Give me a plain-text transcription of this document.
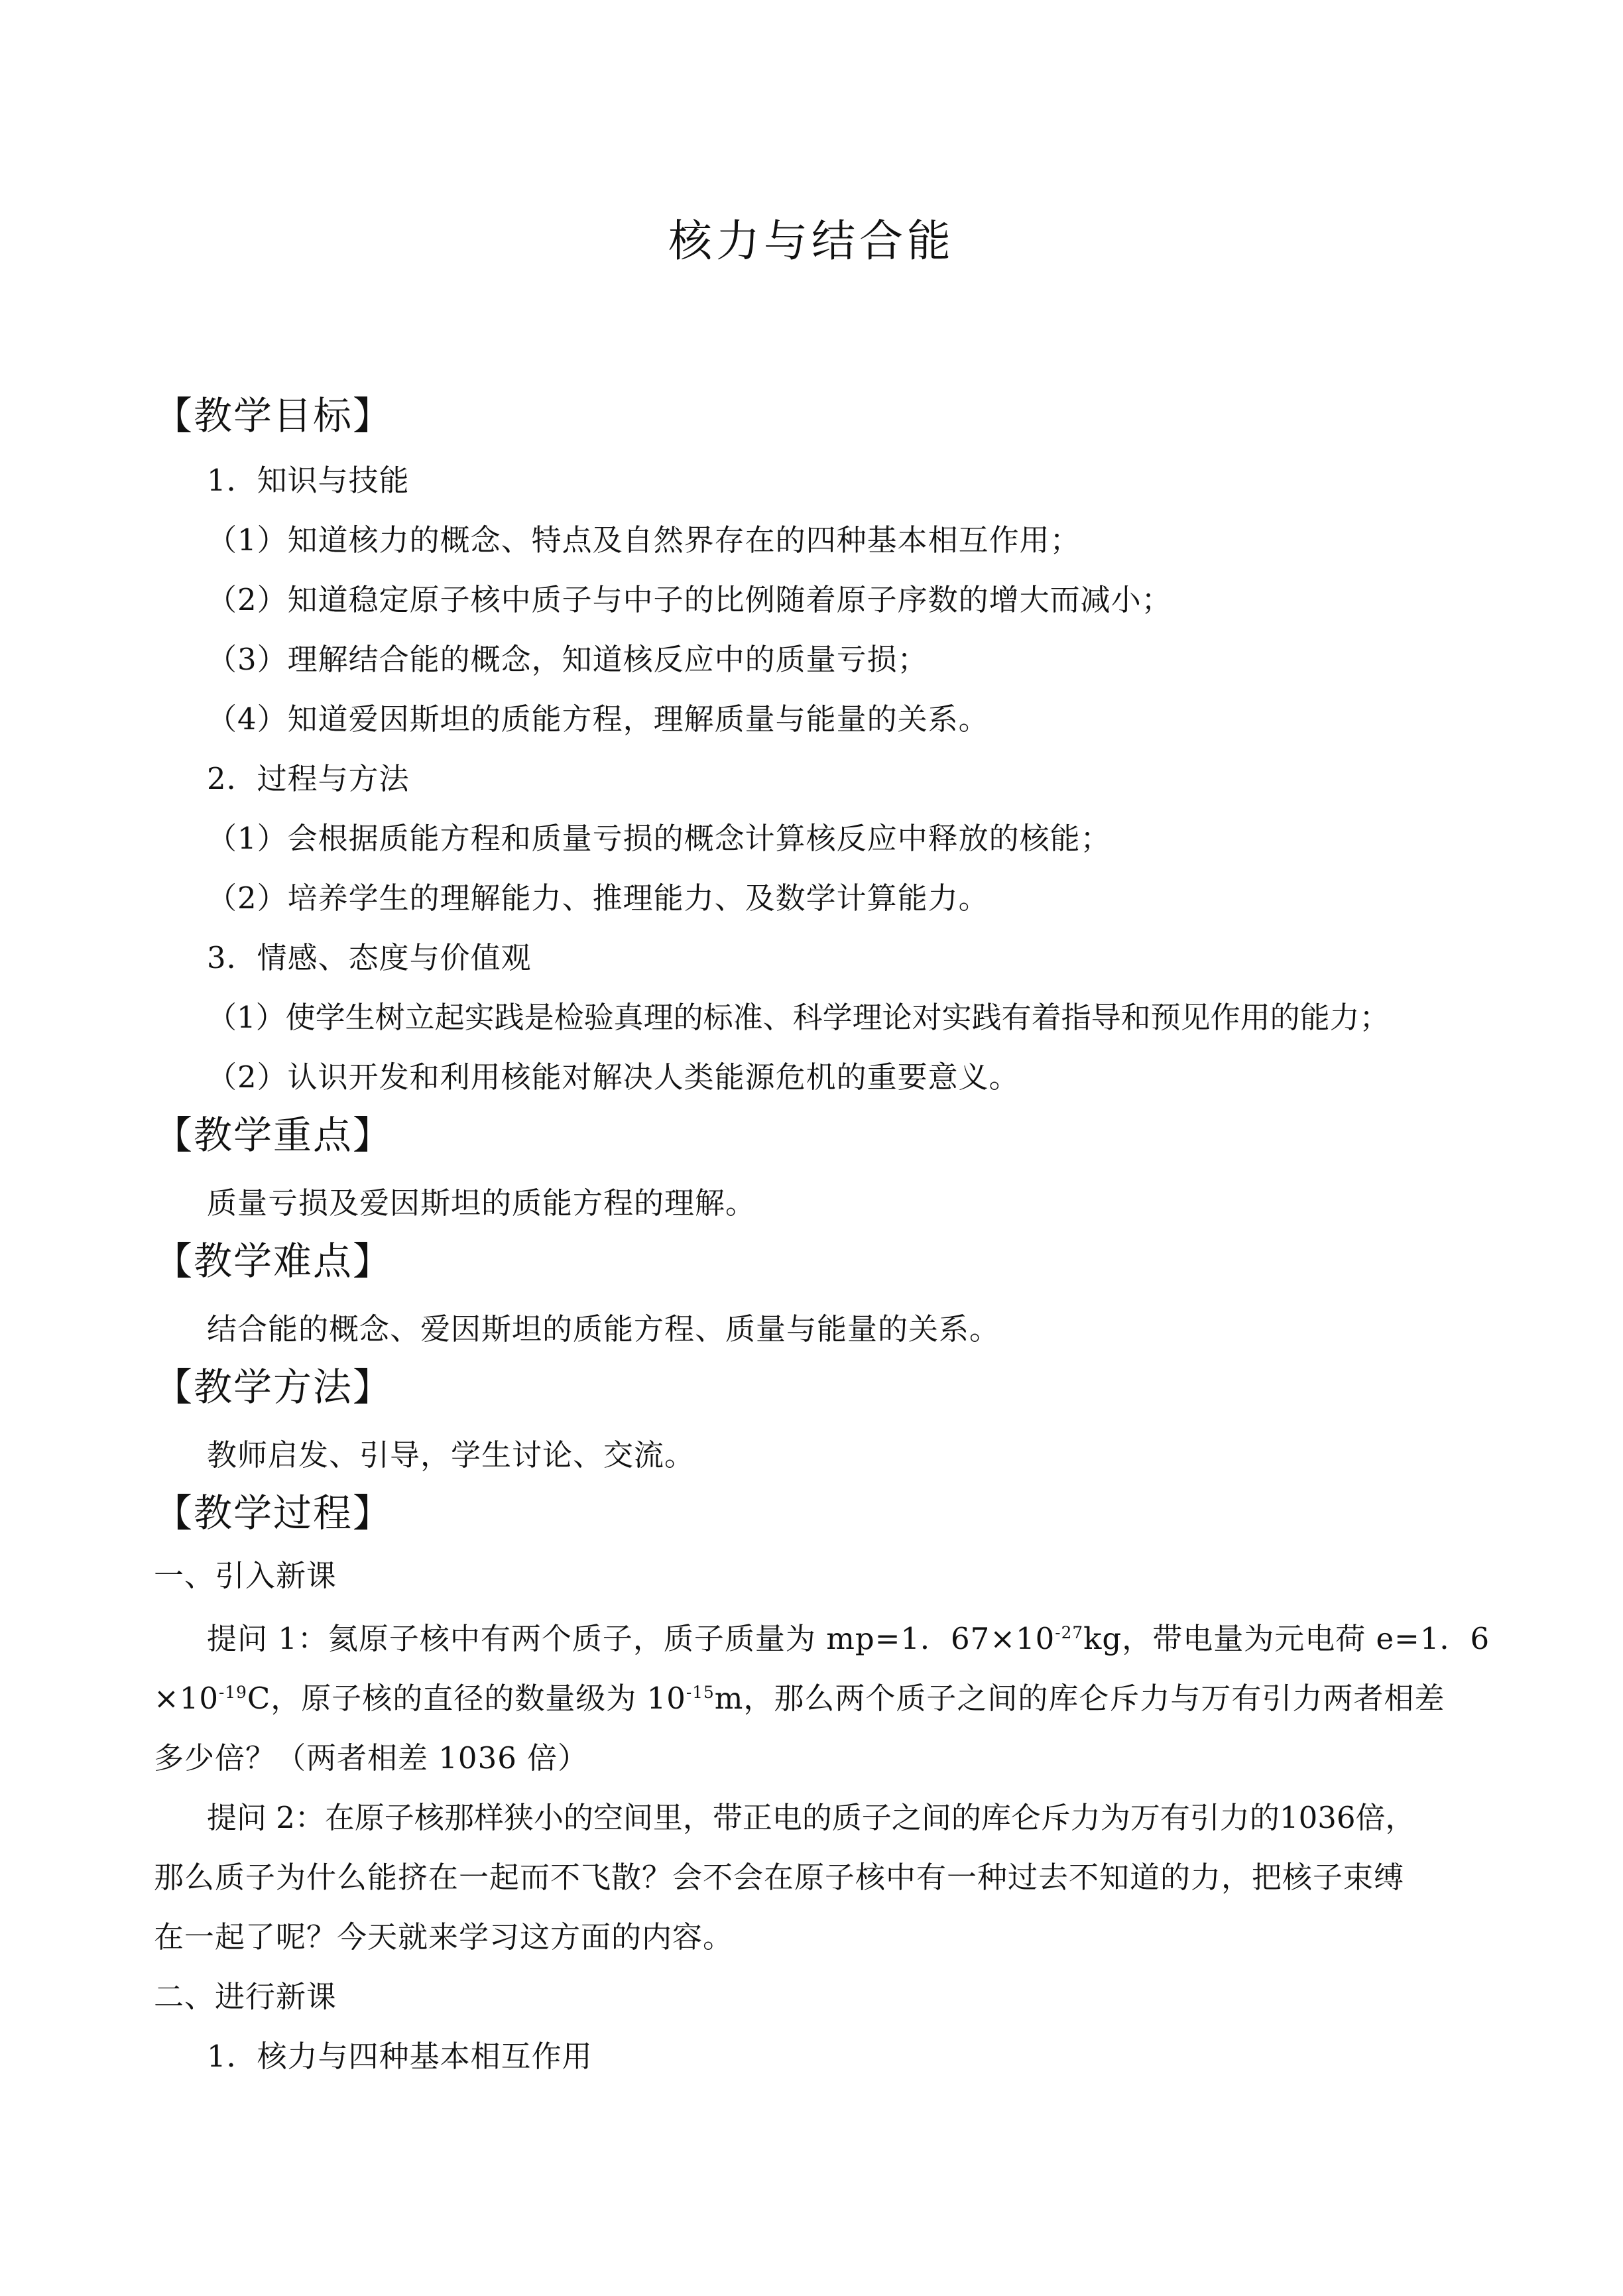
核力与结合能
【教学目标】
1．知识与技能
（1）知道核力的概念、特点及自然界存在的四种基本相互作用；
（2）知道稳定原子核中质子与中子的比例随着原子序数的增大而减小；
（3）理解结合能的概念，知道核反应中的质量亏损；
（4）知道爱因斯坦的质能方程，理解质量与能量的关系。
2．过程与方法
（1）会根据质能方程和质量亏损的概念计算核反应中释放的核能；
（2）培养学生的理解能力、推理能力、及数学计算能力。
3．情感、态度与价值观
（1）使学生树立起实践是检验真理的标准、科学理论对实践有着指导和预见作用的能力；
（2）认识开发和利用核能对解决人类能源危机的重要意义。
【教学重点】
质量亏损及爱因斯坦的质能方程的理解。
【教学难点】
结合能的概念、爱因斯坦的质能方程、质量与能量的关系。
【教学方法】
教师启发、引导，学生讨论、交流。
【教学过程】
一、引入新课
提问 1：氦原子核中有两个质子，质子质量为 mp=1．$67\times 10^{-27}kg$，带电量为元电荷 e=1．6
$\times 10^{-19}C$，原子核的直径的数量级为 $10^{-15}m$，那么两个质子之间的库仑斥力与万有引力两者相差
多少倍？（两者相差 1036 倍）
提问 2：在原子核那样狭小的空间里，带正电的质子之间的库仑斥力为万有引力的1036倍，
那么质子为什么能挤在一起而不飞散？会不会在原子核中有一种过去不知道的力，把核子束缚
在一起了呢？今天就来学习这方面的内容。
二、进行新课
1．核力与四种基本相互作用
